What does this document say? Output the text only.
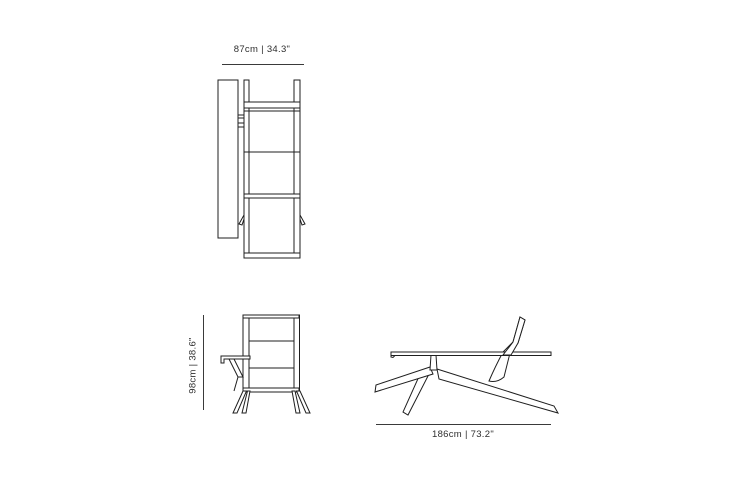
87cm | 34.3"
98cm | 38.6"
186cm | 73.2"
